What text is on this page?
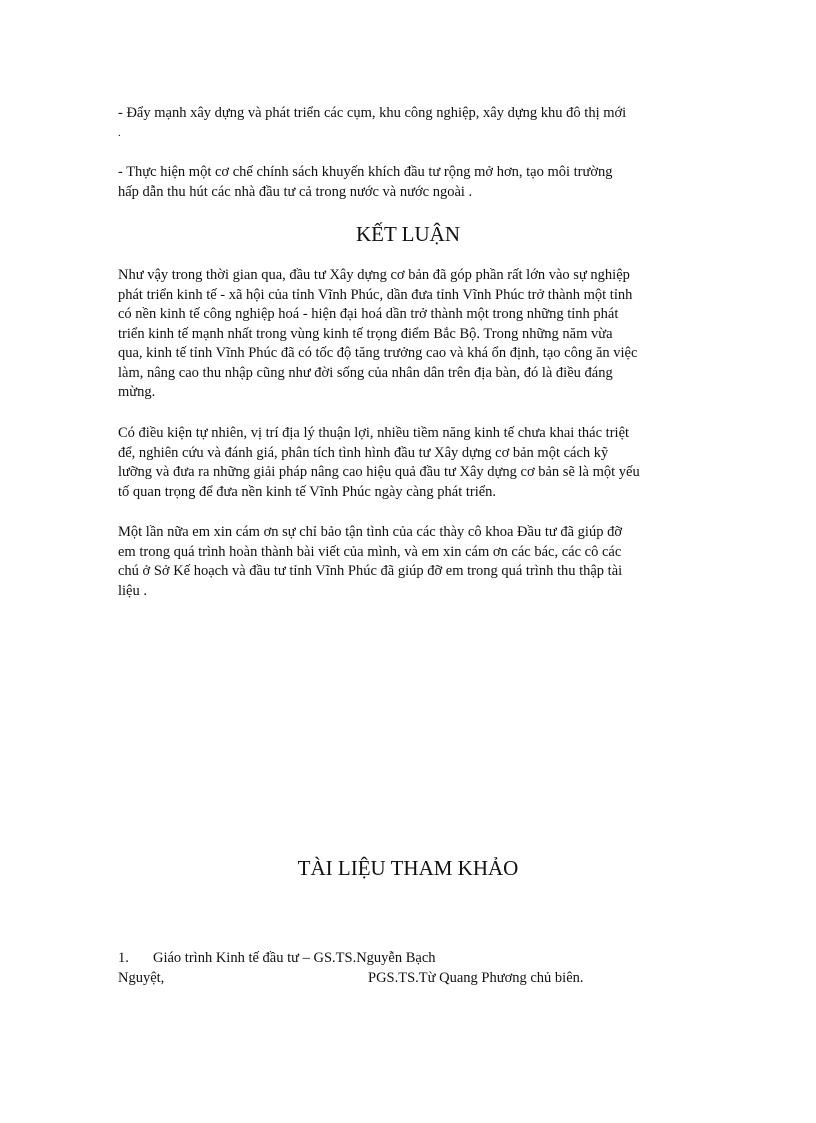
- Đẩy mạnh xây dựng và phát triển các cụm, khu công nghiệp, xây dựng khu đô thị mới
.
- Thực hiện một cơ chế chính sách khuyến khích đầu tư rộng mở hơn, tạo môi trường
hấp dẫn thu hút các nhà đầu tư cả trong nước và nước ngoài .
KẾT LUẬN
Như vậy trong thời gian qua, đầu tư Xây dựng cơ bản đã góp phần rất lớn vào sự nghiệp
phát triển kinh tế - xã hội của tỉnh Vĩnh Phúc, dần đưa tỉnh Vĩnh Phúc trở thành một tỉnh
có nền kinh tế công nghiệp hoá - hiện đại hoá dần trở thành một trong những tỉnh phát
triển kinh tế mạnh nhất trong vùng kinh tế trọng điểm Bắc Bộ. Trong những năm vừa
qua, kinh tế tỉnh Vĩnh Phúc đã có tốc độ tăng trưởng cao và khá ổn định, tạo công ăn việc
làm, nâng cao thu nhập cũng như đời sống của nhân dân trên địa bàn, đó là điều đáng
mừng.
Có điều kiện tự nhiên, vị trí địa lý thuận lợi, nhiều tiềm năng kinh tế chưa khai thác triệt
để, nghiên cứu và đánh giá, phân tích tình hình đầu tư Xây dựng cơ bản một cách kỹ
lưỡng và đưa ra những giải pháp nâng cao hiệu quả đầu tư Xây dựng cơ bản sẽ là một yếu
tố quan trọng để đưa nền kinh tế Vĩnh Phúc ngày càng phát triển.
Một lần nữa em xin cám ơn sự chỉ bảo tận tình của các thày cô khoa Đầu tư đã giúp đỡ
em trong quá trình hoàn thành bài viết của mình, và em xin cám ơn các bác, các cô các
chú ở Sở Kế hoạch và đầu tư tỉnh Vĩnh Phúc đã giúp đỡ em trong quá trình thu thập tài
liệu .
TÀI LIỆU THAM KHẢO
1. Giáo trình Kinh tế đầu tư – GS.TS.Nguyễn Bạch
Nguyệt,	PGS.TS.Từ Quang Phương chủ biên.
